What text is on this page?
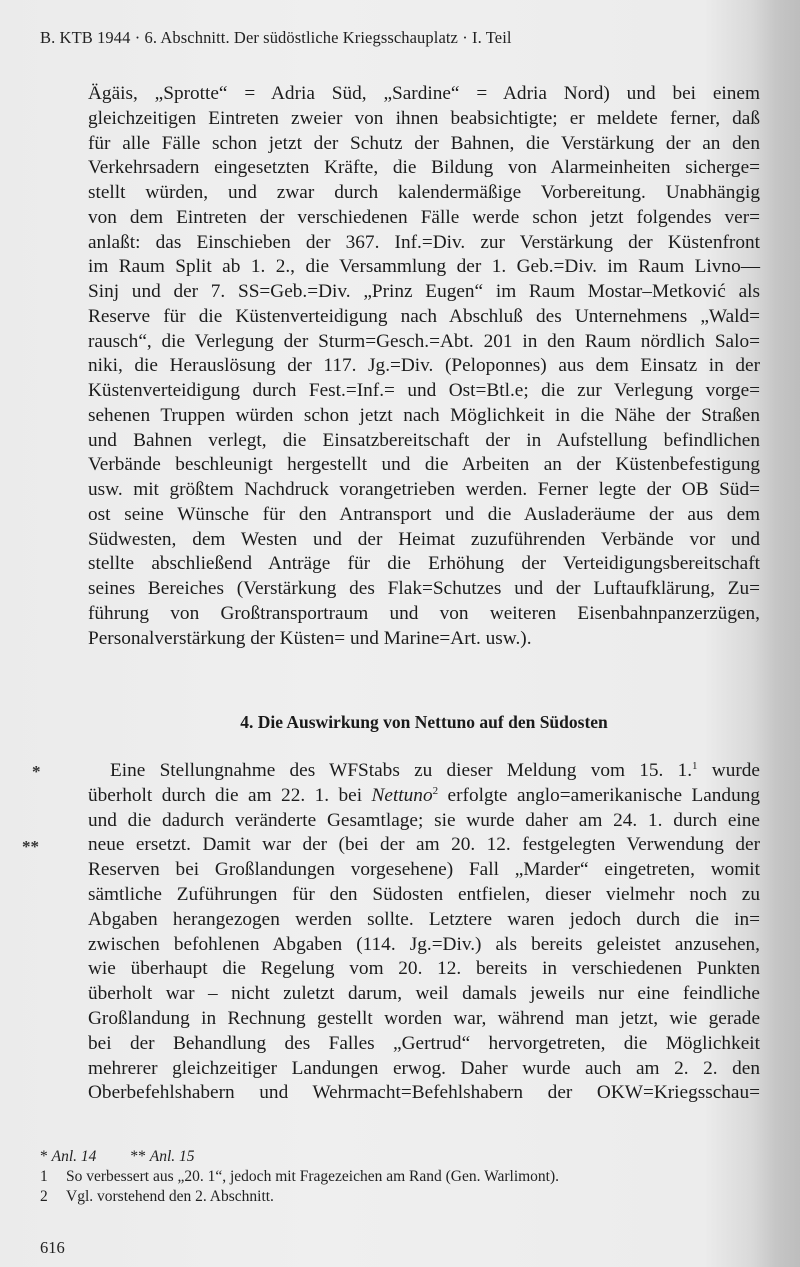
B. KTB 1944 · 6. Abschnitt. Der südöstliche Kriegsschauplatz · I. Teil
Ägäis, „Sprotte“ = Adria Süd, „Sardine“ = Adria Nord) und bei einem
gleichzeitigen Eintreten zweier von ihnen beabsichtigte; er meldete ferner, daß
für alle Fälle schon jetzt der Schutz der Bahnen, die Verstärkung der an den
Verkehrsadern eingesetzten Kräfte, die Bildung von Alarmeinheiten sicherge=
stellt würden, und zwar durch kalendermäßige Vorbereitung. Unabhängig
von dem Eintreten der verschiedenen Fälle werde schon jetzt folgendes ver=
anlaßt: das Einschieben der 367. Inf.=Div. zur Verstärkung der Küstenfront
im Raum Split ab 1. 2., die Versammlung der 1. Geb.=Div. im Raum Livno—
Sinj und der 7. SS=Geb.=Div. „Prinz Eugen“ im Raum Mostar–Metković als
Reserve für die Küstenverteidigung nach Abschluß des Unternehmens „Wald=
rausch“, die Verlegung der Sturm=Gesch.=Abt. 201 in den Raum nördlich Salo=
niki, die Herauslösung der 117. Jg.=Div. (Peloponnes) aus dem Einsatz in der
Küstenverteidigung durch Fest.=Inf.= und Ost=Btl.e; die zur Verlegung vorge=
sehenen Truppen würden schon jetzt nach Möglichkeit in die Nähe der Straßen
und Bahnen verlegt, die Einsatzbereitschaft der in Aufstellung befindlichen
Verbände beschleunigt hergestellt und die Arbeiten an der Küstenbefestigung
usw. mit größtem Nachdruck vorangetrieben werden. Ferner legte der OB Süd=
ost seine Wünsche für den Antransport und die Ausladeräume der aus dem
Südwesten, dem Westen und der Heimat zuzuführenden Verbände vor und
stellte abschließend Anträge für die Erhöhung der Verteidigungsbereitschaft
seines Bereiches (Verstärkung des Flak=Schutzes und der Luftaufklärung, Zu=
führung von Großtransportraum und von weiteren Eisenbahnpanzerzügen,
Personalverstärkung der Küsten= und Marine=Art. usw.).
4. Die Auswirkung von Nettuno auf den Südosten
*
**
Eine Stellungnahme des WFStabs zu dieser Meldung vom 15. 1.$^1$ wurde
überholt durch die am 22. 1. bei Nettuno$^2$ erfolgte anglo=amerikanische Landung
und die dadurch veränderte Gesamtlage; sie wurde daher am 24. 1. durch eine
neue ersetzt. Damit war der (bei der am 20. 12. festgelegten Verwendung der
Reserven bei Großlandungen vorgesehene) Fall „Marder“ eingetreten, womit
sämtliche Zuführungen für den Südosten entfielen, dieser vielmehr noch zu
Abgaben herangezogen werden sollte. Letztere waren jedoch durch die in=
zwischen befohlenen Abgaben (114. Jg.=Div.) als bereits geleistet anzusehen,
wie überhaupt die Regelung vom 20. 12. bereits in verschiedenen Punkten
überholt war – nicht zuletzt darum, weil damals jeweils nur eine feindliche
Großlandung in Rechnung gestellt worden war, während man jetzt, wie gerade
bei der Behandlung des Falles „Gertrud“ hervorgetreten, die Möglichkeit
mehrerer gleichzeitiger Landungen erwog. Daher wurde auch am 2. 2. den
Oberbefehlshabern und Wehrmacht=Befehlshabern der OKW=Kriegsschau=
*
Anl. 14 **
Anl. 15
1	So verbessert aus „20. 1“, jedoch mit Fragezeichen am Rand (Gen. Warlimont).
2	Vgl. vorstehend den 2. Abschnitt.
616
